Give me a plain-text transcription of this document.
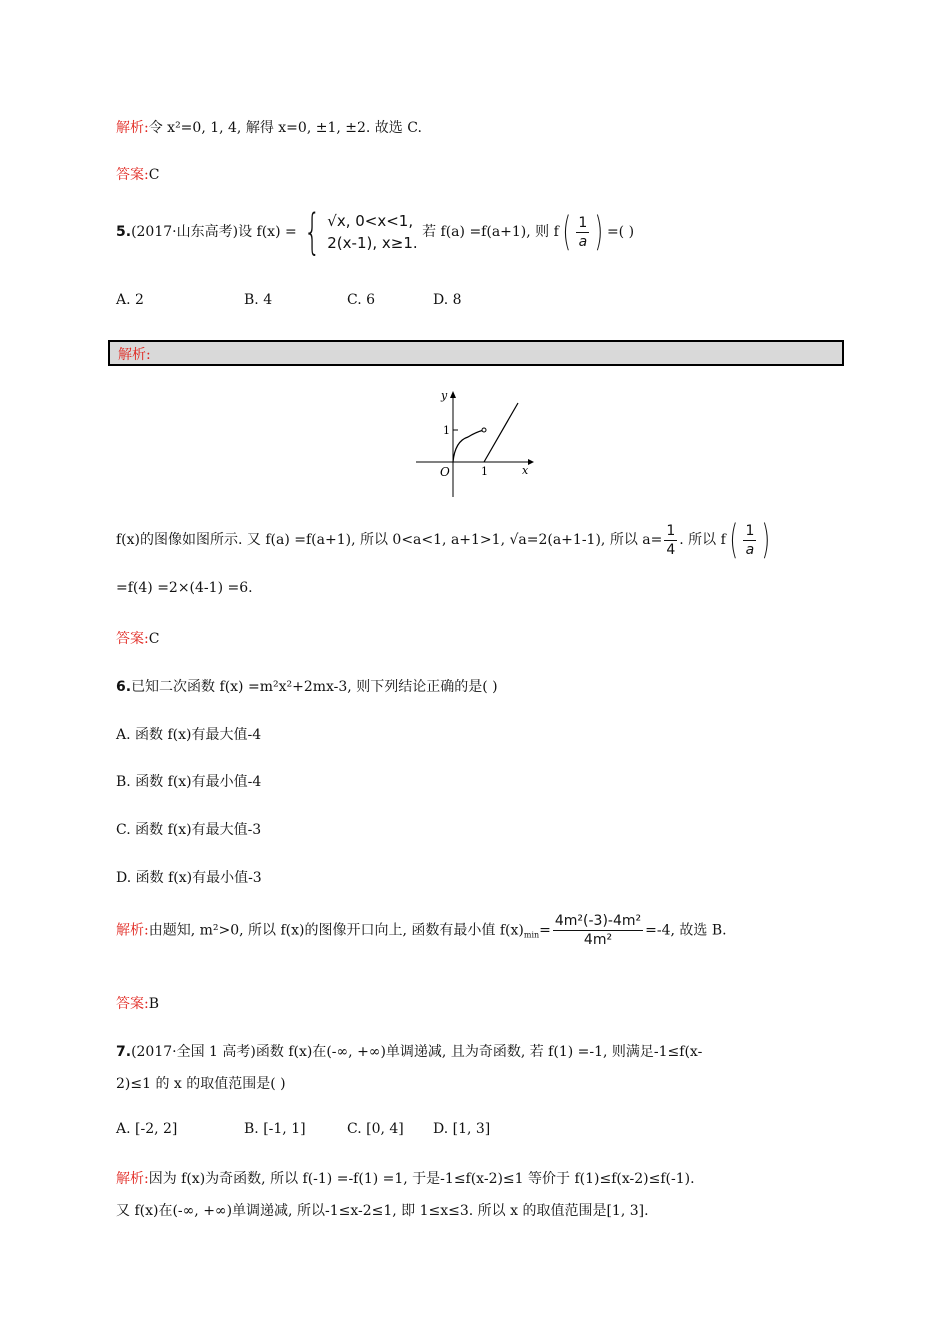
解析:令 x²=0, 1, 4, 解得 x=0, ±1, ±2. 故选 C.
答案:C
5.(2017·山东高考)设 f(x) = { √x, 0<x<1,
2(x-1), x≥1.
若 f(a) =f(a+1), 则 $f( \frac{1}{a}$ ) =( )
A. 2	B. 4	C. 6	D. 8
解析:
1
1
O
y
x
f(x)的图像如图所示. 又 f(a) =f(a+1), 所以 0<a<1, a+1>1, √a=2(a+1-1), 所以 $a= \frac{1}{4}$ . 所以 $f( \frac{1}{a}$ )
=f(4) =2×(4-1) =6.
答案:C
6.已知二次函数 f(x) =m²x²+2mx-3, 则下列结论正确的是( )
A. 函数 f(x)有最大值-4
B. 函数 f(x)有最小值-4
C. 函数 f(x)有最大值-3
D. 函数 f(x)有最小值-3
解析:由题知, m²>0, 所以 f(x)的图像开口向上, 函数有最小值 $f(x)_{min}= \frac{\text{4m²(-3)-4m²}}{\text{4m²}} =-4$, 故选 B.
答案:B
7.(2017·全国 1 高考)函数 f(x)在(-∞, +∞)单调递减, 且为奇函数, 若 f(1) =-1, 则满足-1≤f(x-
2)≤1 的 x 的取值范围是( )
A. [-2, 2]	B. [-1, 1]	C. [0, 4] D. [1, 3]
解析:因为 f(x)为奇函数, 所以 f(-1) =-f(1) =1, 于是-1≤f(x-2)≤1 等价于 f(1)≤f(x-2)≤f(-1).
又 f(x)在(-∞, +∞)单调递减, 所以-1≤x-2≤1, 即 1≤x≤3. 所以 x 的取值范围是[1, 3].
